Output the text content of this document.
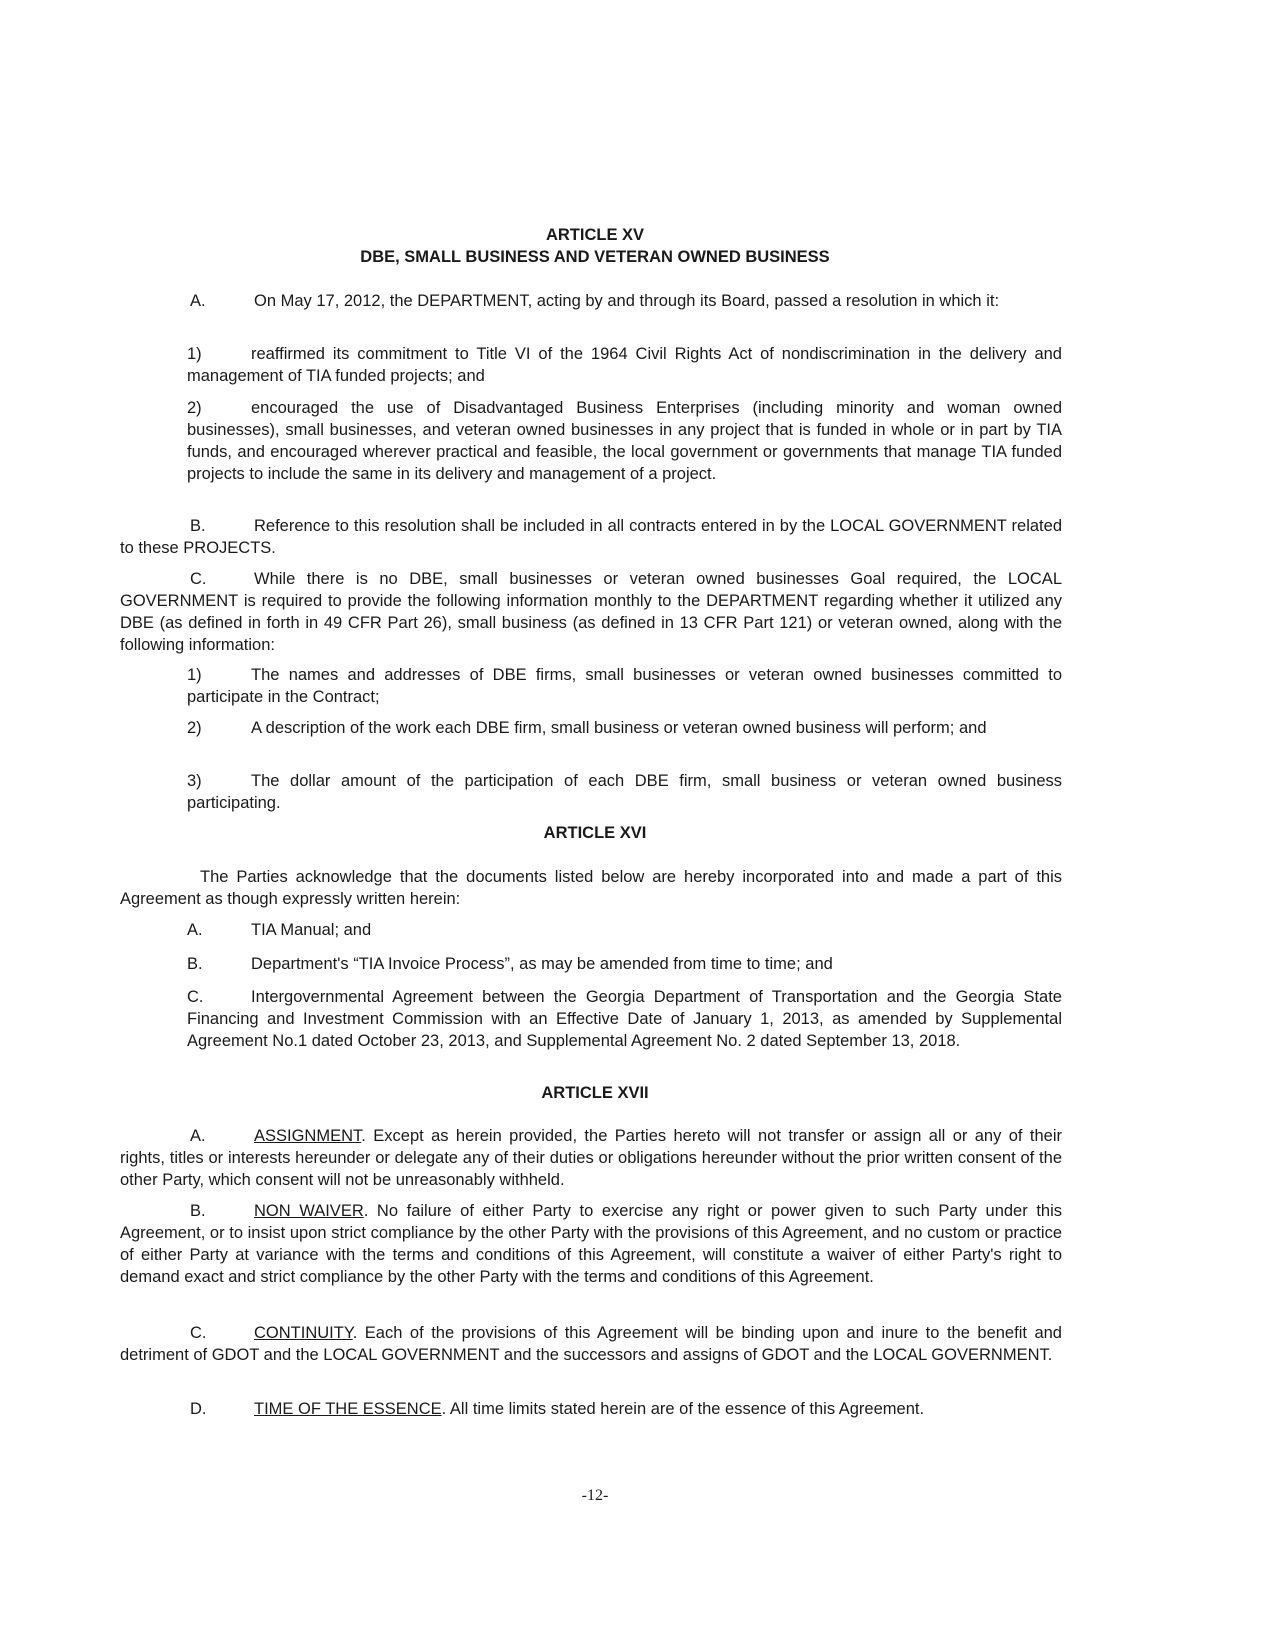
ARTICLE XV
DBE, SMALL BUSINESS AND VETERAN OWNED BUSINESS
A.	On May 17, 2012, the DEPARTMENT, acting by and through its Board, passed a resolution in which it:
1)	reaffirmed its commitment to Title VI of the 1964 Civil Rights Act of nondiscrimination in the delivery and management of TIA funded projects; and
2)	encouraged the use of Disadvantaged Business Enterprises (including minority and woman owned businesses), small businesses, and veteran owned businesses in any project that is funded in whole or in part by TIA funds, and encouraged wherever practical and feasible, the local government or governments that manage TIA funded projects to include the same in its delivery and management of a project.
B.	Reference to this resolution shall be included in all contracts entered in by the LOCAL GOVERNMENT related to these PROJECTS.
C.	While there is no DBE, small businesses or veteran owned businesses Goal required, the LOCAL GOVERNMENT is required to provide the following information monthly to the DEPARTMENT regarding whether it utilized any DBE (as defined in forth in 49 CFR Part 26), small business (as defined in 13 CFR Part 121) or veteran owned, along with the following information:
1)	The names and addresses of DBE firms, small businesses or veteran owned businesses committed to participate in the Contract;
2)	A description of the work each DBE firm, small business or veteran owned business will perform; and
3)	The dollar amount of the participation of each DBE firm, small business or veteran owned business participating.
ARTICLE XVI
The Parties acknowledge that the documents listed below are hereby incorporated into and made a part of this Agreement as though expressly written herein:
A.	TIA Manual; and
B.	Department's “TIA Invoice Process”, as may be amended from time to time; and
C.	Intergovernmental Agreement between the Georgia Department of Transportation and the Georgia State Financing and Investment Commission with an Effective Date of January 1, 2013, as amended by Supplemental Agreement No.1 dated October 23, 2013, and Supplemental Agreement No. 2 dated September 13, 2018.
ARTICLE XVII
A.	ASSIGNMENT. Except as herein provided, the Parties hereto will not transfer or assign all or any of their rights, titles or interests hereunder or delegate any of their duties or obligations hereunder without the prior written consent of the other Party, which consent will not be unreasonably withheld.
B.	NON WAIVER. No failure of either Party to exercise any right or power given to such Party under this Agreement, or to insist upon strict compliance by the other Party with the provisions of this Agreement, and no custom or practice of either Party at variance with the terms and conditions of this Agreement, will constitute a waiver of either Party's right to demand exact and strict compliance by the other Party with the terms and conditions of this Agreement.
C.	CONTINUITY. Each of the provisions of this Agreement will be binding upon and inure to the benefit and detriment of GDOT and the LOCAL GOVERNMENT and the successors and assigns of GDOT and the LOCAL GOVERNMENT.
D.	TIME OF THE ESSENCE. All time limits stated herein are of the essence of this Agreement.
-12-
